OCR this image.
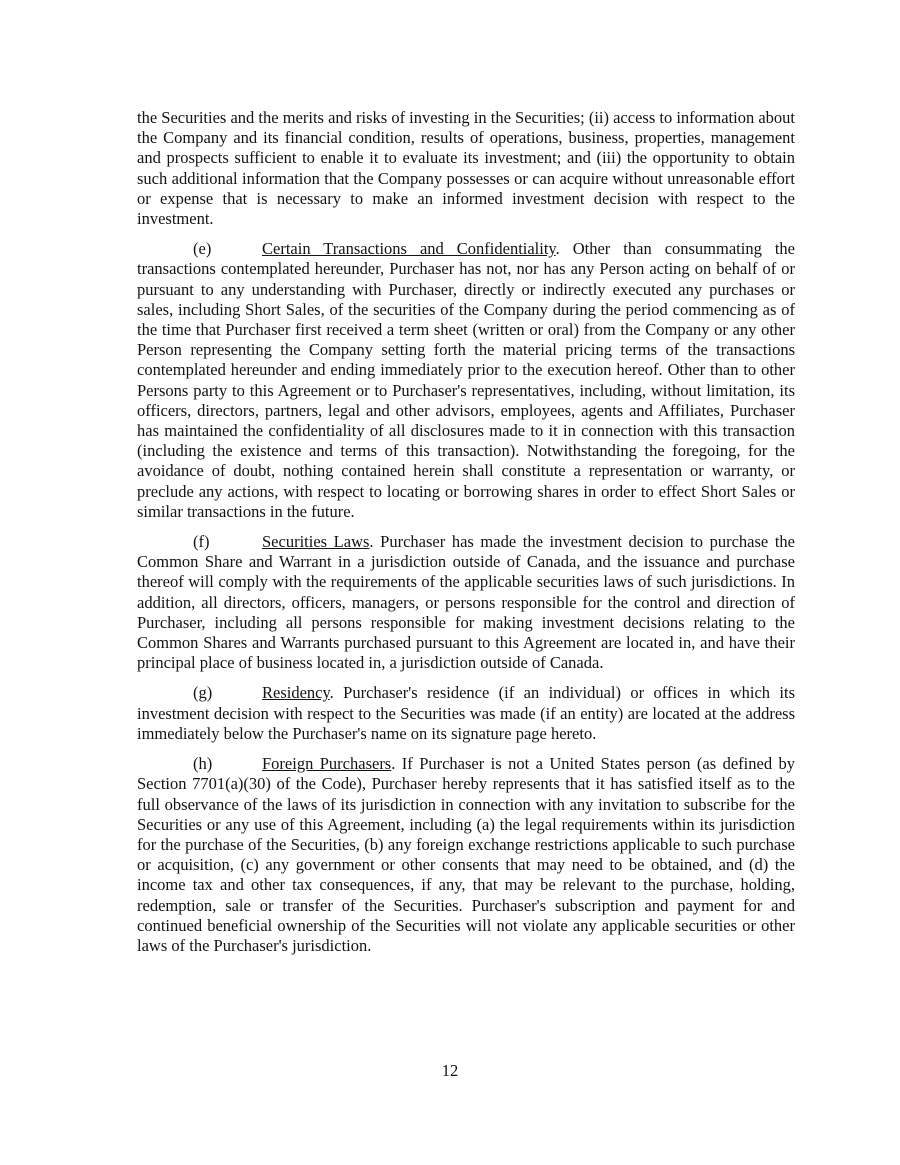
the Securities and the merits and risks of investing in the Securities; (ii) access to information about the Company and its financial condition, results of operations, business, properties, management and prospects sufficient to enable it to evaluate its investment; and (iii) the opportunity to obtain such additional information that the Company possesses or can acquire without unreasonable effort or expense that is necessary to make an informed investment decision with respect to the investment.

(e)	Certain Transactions and Confidentiality. Other than consummating the transactions contemplated hereunder, Purchaser has not, nor has any Person acting on behalf of or pursuant to any understanding with Purchaser, directly or indirectly executed any purchases or sales, including Short Sales, of the securities of the Company during the period commencing as of the time that Purchaser first received a term sheet (written or oral) from the Company or any other Person representing the Company setting forth the material pricing terms of the transactions contemplated hereunder and ending immediately prior to the execution hereof. Other than to other Persons party to this Agreement or to Purchaser's representatives, including, without limitation, its officers, directors, partners, legal and other advisors, employees, agents and Affiliates, Purchaser has maintained the confidentiality of all disclosures made to it in connection with this transaction (including the existence and terms of this transaction). Notwithstanding the foregoing, for the avoidance of doubt, nothing contained herein shall constitute a representation or warranty, or preclude any actions, with respect to locating or borrowing shares in order to effect Short Sales or similar transactions in the future.

(f)	Securities Laws. Purchaser has made the investment decision to purchase the Common Share and Warrant in a jurisdiction outside of Canada, and the issuance and purchase thereof will comply with the requirements of the applicable securities laws of such jurisdictions. In addition, all directors, officers, managers, or persons responsible for the control and direction of Purchaser, including all persons responsible for making investment decisions relating to the Common Shares and Warrants purchased pursuant to this Agreement are located in, and have their principal place of business located in, a jurisdiction outside of Canada.

(g)	Residency. Purchaser's residence (if an individual) or offices in which its investment decision with respect to the Securities was made (if an entity) are located at the address immediately below the Purchaser's name on its signature page hereto.

(h)	Foreign Purchasers. If Purchaser is not a United States person (as defined by Section 7701(a)(30) of the Code), Purchaser hereby represents that it has satisfied itself as to the full observance of the laws of its jurisdiction in connection with any invitation to subscribe for the Securities or any use of this Agreement, including (a) the legal requirements within its jurisdiction for the purchase of the Securities, (b) any foreign exchange restrictions applicable to such purchase or acquisition, (c) any government or other consents that may need to be obtained, and (d) the income tax and other tax consequences, if any, that may be relevant to the purchase, holding, redemption, sale or transfer of the Securities. Purchaser's subscription and payment for and continued beneficial ownership of the Securities will not violate any applicable securities or other laws of the Purchaser's jurisdiction.

12
